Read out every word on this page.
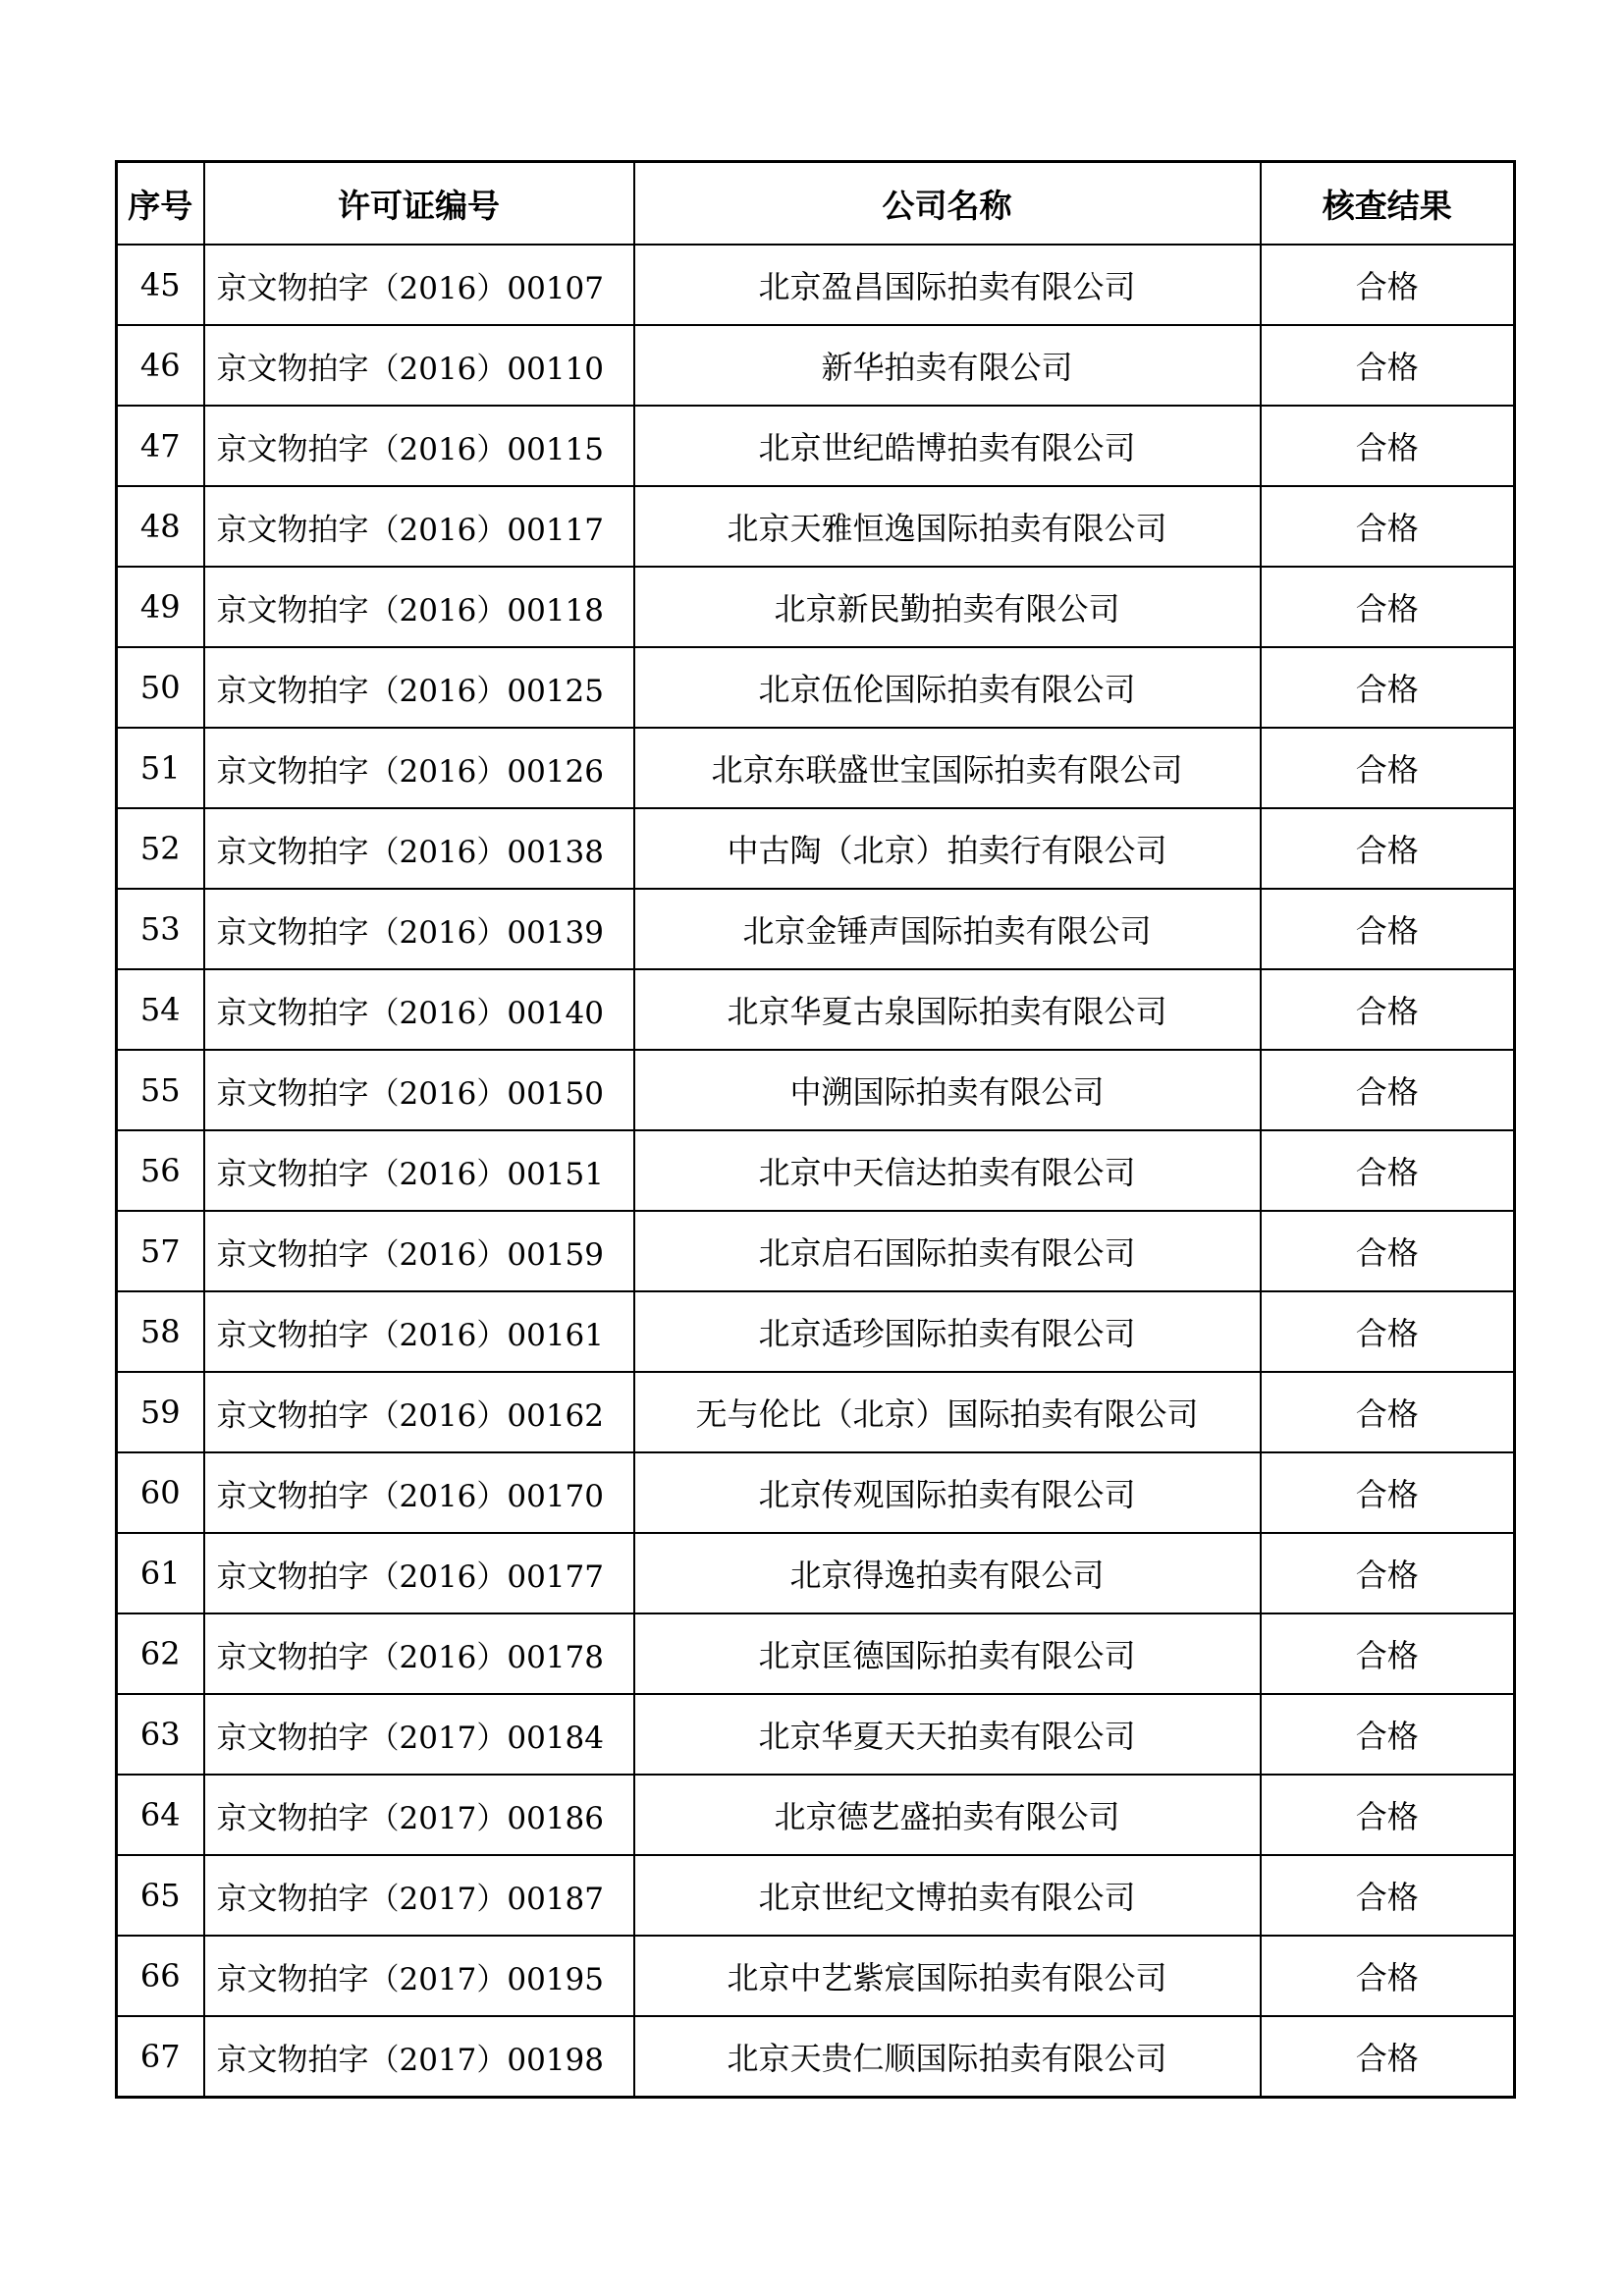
序号	许可证编号	公司名称	核查结果
45	京文物拍字（2016）00107	北京盈昌国际拍卖有限公司	合格
46	京文物拍字（2016）00110	新华拍卖有限公司	合格
47	京文物拍字（2016）00115	北京世纪皓博拍卖有限公司	合格
48	京文物拍字（2016）00117	北京天雅恒逸国际拍卖有限公司	合格
49	京文物拍字（2016）00118	北京新民勤拍卖有限公司	合格
50	京文物拍字（2016）00125	北京伍伦国际拍卖有限公司	合格
51	京文物拍字（2016）00126	北京东联盛世宝国际拍卖有限公司	合格
52	京文物拍字（2016）00138	中古陶（北京）拍卖行有限公司	合格
53	京文物拍字（2016）00139	北京金锤声国际拍卖有限公司	合格
54	京文物拍字（2016）00140	北京华夏古泉国际拍卖有限公司	合格
55	京文物拍字（2016）00150	中溯国际拍卖有限公司	合格
56	京文物拍字（2016）00151	北京中天信达拍卖有限公司	合格
57	京文物拍字（2016）00159	北京启石国际拍卖有限公司	合格
58	京文物拍字（2016）00161	北京适珍国际拍卖有限公司	合格
59	京文物拍字（2016）00162	无与伦比（北京）国际拍卖有限公司	合格
60	京文物拍字（2016）00170	北京传观国际拍卖有限公司	合格
61	京文物拍字（2016）00177	北京得逸拍卖有限公司	合格
62	京文物拍字（2016）00178	北京匡德国际拍卖有限公司	合格
63	京文物拍字（2017）00184	北京华夏天天拍卖有限公司	合格
64	京文物拍字（2017）00186	北京德艺盛拍卖有限公司	合格
65	京文物拍字（2017）00187	北京世纪文博拍卖有限公司	合格
66	京文物拍字（2017）00195	北京中艺紫宸国际拍卖有限公司	合格
67	京文物拍字（2017）00198	北京天贵仁顺国际拍卖有限公司	合格
